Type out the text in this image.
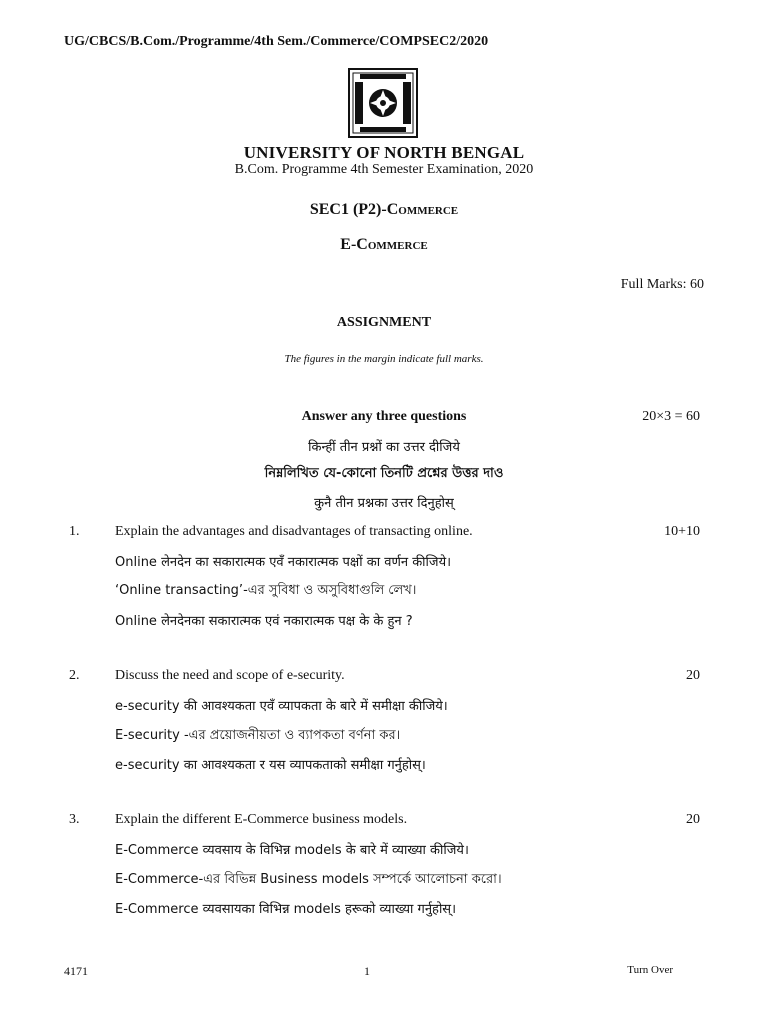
UG/CBCS/B.Com./Programme/4th Sem./Commerce/COMPSEC2/2020
UNIVERSITY OF NORTH BENGAL
B.Com. Programme 4th Semester Examination, 2020
SEC1 (P2)-Commerce
E-Commerce
Full Marks: 60
ASSIGNMENT
The figures in the margin indicate full marks.
Answer any three questions	20×3 = 60
किन्हीं तीन प्रश्नों का उत्तर दीजिये
নিম্নলিখিত যে-কোনো তিনটি প্রশ্নের উত্তর দাও
कुनै तीन प्रश्नका उत्तर दिनुहोस्
1.	Explain the advantages and disadvantages of transacting online.	10+10
Online लेनदेन का सकारात्मक एवँ नकारात्मक पक्षों का वर्णन कीजिये।
‘Online transacting’-এর সুবিধা ও অসুবিধাগুলি লেখ।
Online लेनदेनका सकारात्मक एवं नकारात्मक पक्ष के के हुन ?
2.	Discuss the need and scope of e-security.	20
e-security की आवश्यकता एवँ व्यापकता के बारे में समीक्षा कीजिये।
E-security -এর প্রয়োজনীয়তা ও ব্যাপকতা বর্ণনা কর।
e-security का आवश्यकता र यस व्यापकताको समीक्षा गर्नुहोस्।
3.	Explain the different E-Commerce business models.	20
E-Commerce व्यवसाय के विभिन्न models के बारे में व्याख्या कीजिये।
E-Commerce-এর বিভিন্ন Business models সম্পর্কে আলোচনা করো।
E-Commerce व्यवसायका विभिन्न models हरूको व्याख्या गर्नुहोस्।
4171	1	Turn Over
